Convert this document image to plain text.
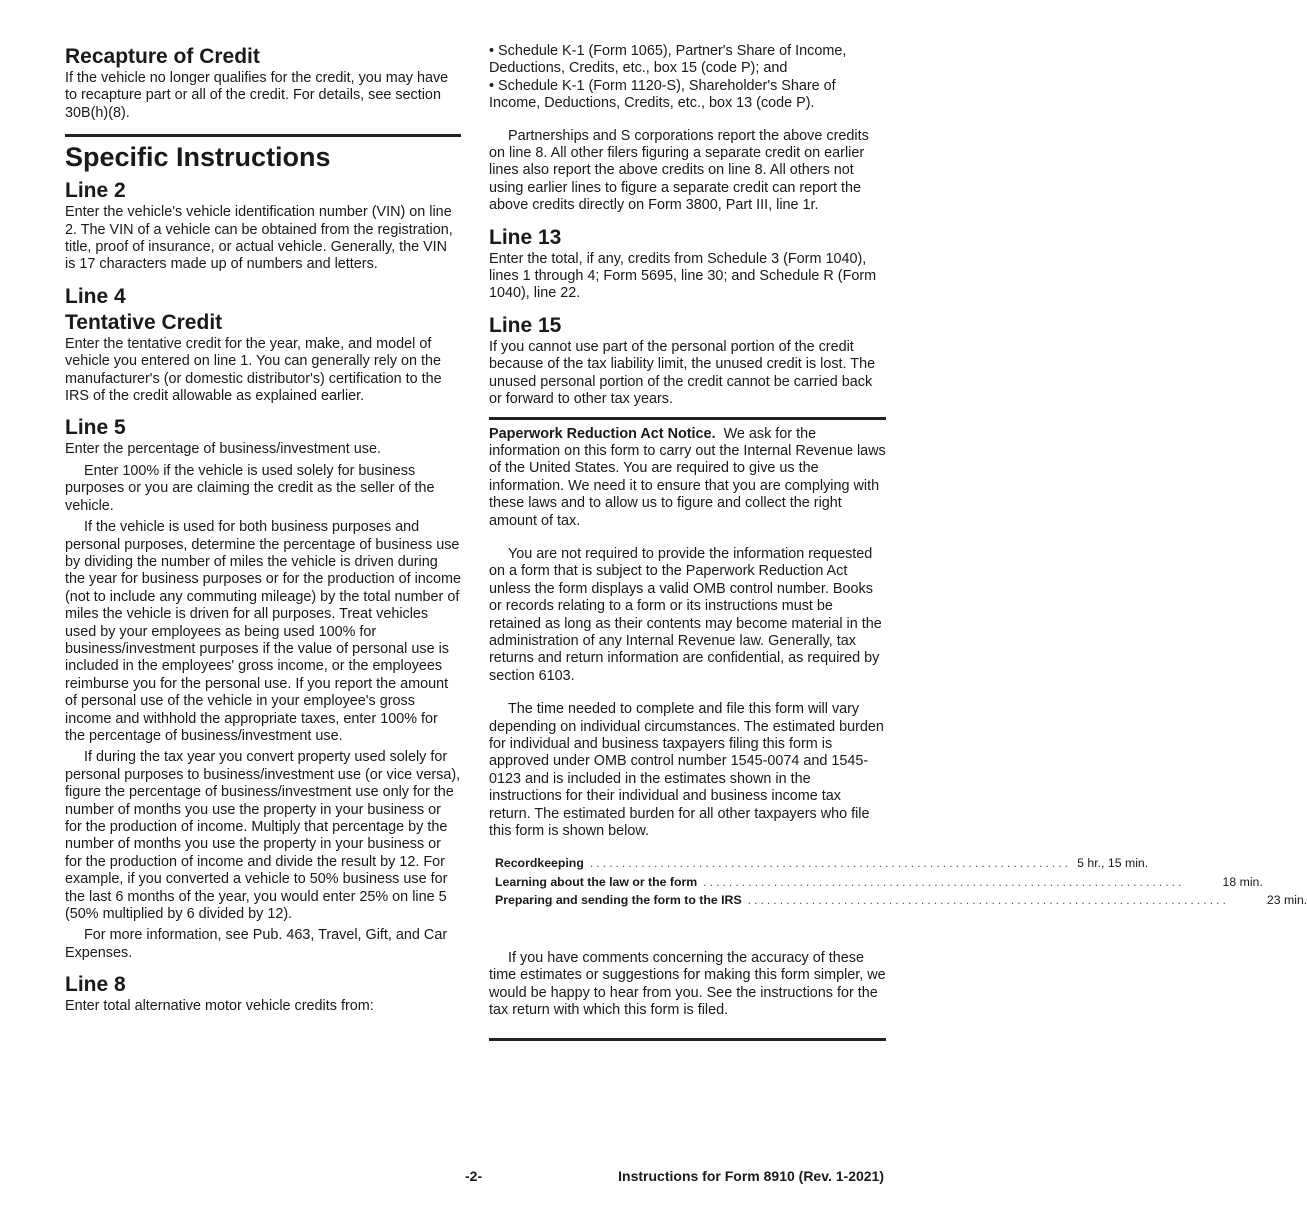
Recapture of Credit

If the vehicle no longer qualifies for the credit, you may have to recapture part or all of the credit. For details, see section 30B(h)(8).

Specific Instructions
Line 2

Enter the vehicle's vehicle identification number (VIN) on line 2. The VIN of a vehicle can be obtained from the registration, title, proof of insurance, or actual vehicle. Generally, the VIN is 17 characters made up of numbers and letters.

Line 4
Tentative Credit

Enter the tentative credit for the year, make, and model of vehicle you entered on line 1. You can generally rely on the manufacturer's (or domestic distributor's) certification to the IRS of the credit allowable as explained earlier.

Line 5

Enter the percentage of business/investment use.

Enter 100% if the vehicle is used solely for business purposes or you are claiming the credit as the seller of the vehicle.

If the vehicle is used for both business purposes and personal purposes, determine the percentage of business use by dividing the number of miles the vehicle is driven during the year for business purposes or for the production of income (not to include any commuting mileage) by the total number of miles the vehicle is driven for all purposes. Treat vehicles used by your employees as being used 100% for business/investment purposes if the value of personal use is included in the employees' gross income, or the employees reimburse you for the personal use. If you report the amount of personal use of the vehicle in your employee's gross income and withhold the appropriate taxes, enter 100% for the percentage of business/investment use.

If during the tax year you convert property used solely for personal purposes to business/investment use (or vice versa), figure the percentage of business/investment use only for the number of months you use the property in your business or for the production of income. Multiply that percentage by the number of months you use the property in your business or for the production of income and divide the result by 12. For example, if you converted a vehicle to 50% business use for the last 6 months of the year, you would enter 25% on line 5 (50% multiplied by 6 divided by 12).

For more information, see Pub. 463, Travel, Gift, and Car Expenses.

Line 8

Enter total alternative motor vehicle credits from:

• Schedule K-1 (Form 1065), Partner's Share of Income, Deductions, Credits, etc., box 15 (code P); and

• Schedule K-1 (Form 1120-S), Shareholder's Share of Income, Deductions, Credits, etc., box 13 (code P).

Partnerships and S corporations report the above credits on line 8. All other filers figuring a separate credit on earlier lines also report the above credits on line 8. All others not using earlier lines to figure a separate credit can report the above credits directly on Form 3800, Part III, line 1r.

Line 13

Enter the total, if any, credits from Schedule 3 (Form 1040), lines 1 through 4; Form 5695, line 30; and Schedule R (Form 1040), line 22.

Line 15

If you cannot use part of the personal portion of the credit because of the tax liability limit, the unused credit is lost. The unused personal portion of the credit cannot be carried back or forward to other tax years.

Paperwork Reduction Act Notice. We ask for the information on this form to carry out the Internal Revenue laws of the United States. You are required to give us the information. We need it to ensure that you are complying with these laws and to allow us to figure and collect the right amount of tax.

You are not required to provide the information requested on a form that is subject to the Paperwork Reduction Act unless the form displays a valid OMB control number. Books or records relating to a form or its instructions must be retained as long as their contents may become material in the administration of any Internal Revenue law. Generally, tax returns and return information are confidential, as required by section 6103.

The time needed to complete and file this form will vary depending on individual circumstances. The estimated burden for individual and business taxpayers filing this form is approved under OMB control number 1545-0074 and 1545-0123 and is included in the estimates shown in the instructions for their individual and business income tax return. The estimated burden for all other taxpayers who file this form is shown below.

Recordkeeping ........................................................................... 5 hr., 15 min.
Learning about the law or the form ...........................................................................	18 min.
Preparing and sending the form to the IRS ...........................................................................	23 min.

If you have comments concerning the accuracy of these time estimates or suggestions for making this form simpler, we would be happy to hear from you. See the instructions for the tax return with which this form is filed.

-2-	Instructions for Form 8910 (Rev. 1-2021)
